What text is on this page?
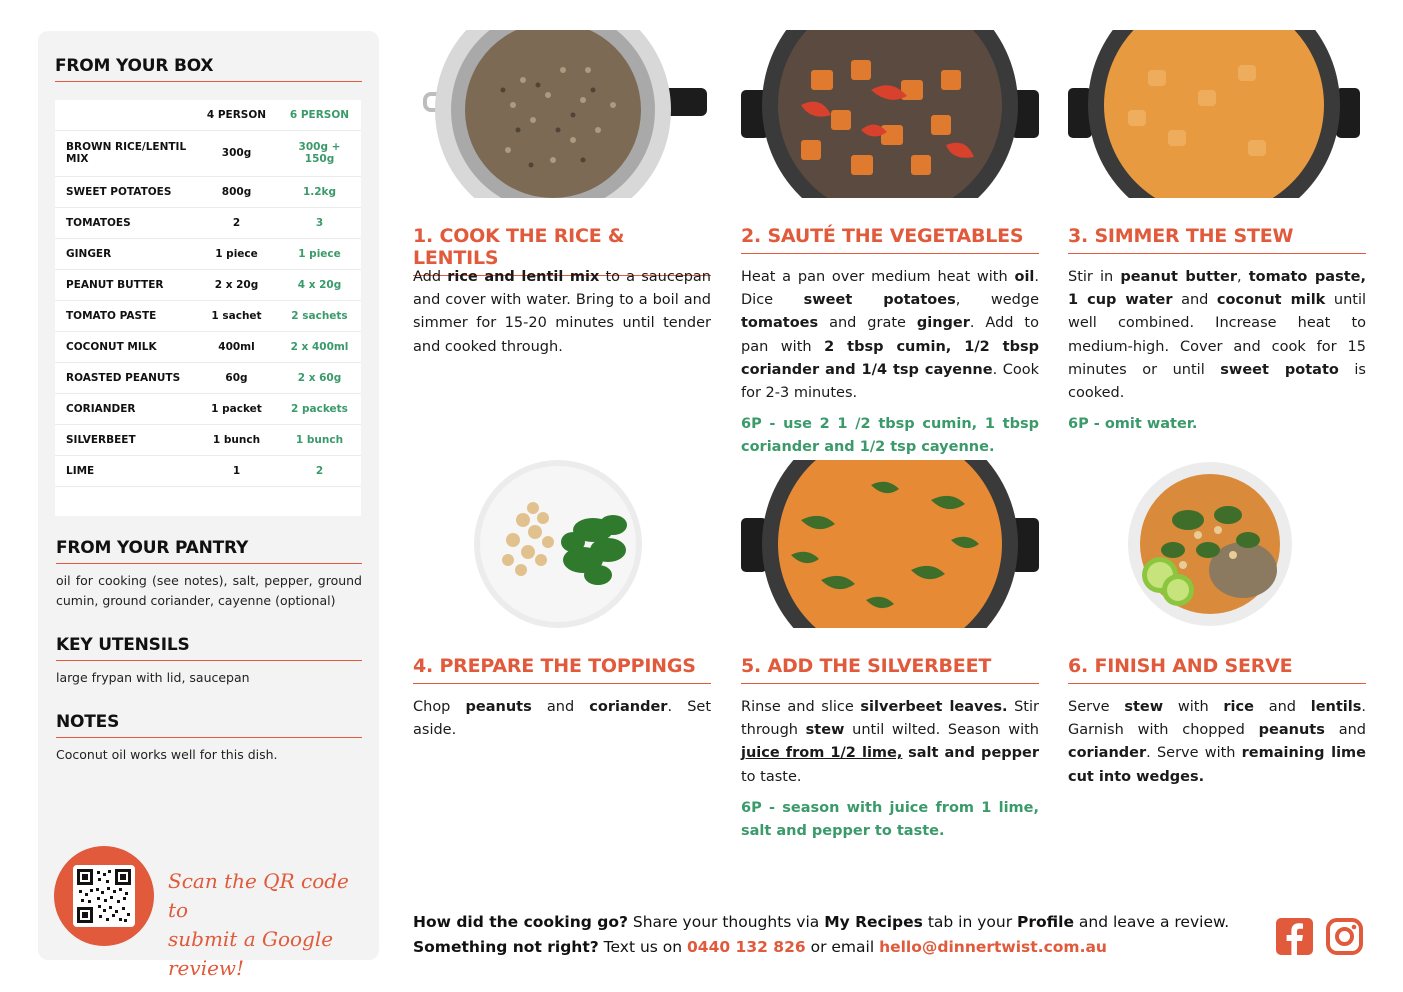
FROM YOUR BOX
	4 PERSON	6 PERSON
BROWN RICE/LENTIL MIX	300g	300g + 150g
SWEET POTATOES	800g	1.2kg
TOMATOES	2	3
GINGER	1 piece	1 piece
PEANUT BUTTER	2 x 20g	4 x 20g
TOMATO PASTE	1 sachet	2 sachets
COCONUT MILK	400ml	2 x 400ml
ROASTED PEANUTS	60g	2 x 60g
CORIANDER	1 packet	2 packets
SILVERBEET	1 bunch	1 bunch
LIME	1	2

FROM YOUR PANTRY
oil for cooking (see notes), salt, pepper, ground cumin, ground coriander, cayenne (optional)
KEY UTENSILS
large frypan with lid, saucepan
NOTES
Coconut oil works well for this dish.
Scan the QR code to
submit a Google review!
1. COOK THE RICE & LENTILS
Add rice and lentil mix to a saucepan and cover with water. Bring to a boil and simmer for 15-20 minutes until tender and cooked through.
2. SAUTÉ THE VEGETABLES
Heat a pan over medium heat with oil. Dice sweet potatoes, wedge tomatoes and grate ginger. Add to pan with 2 tbsp cumin, 1/2 tbsp coriander and 1/4 tsp cayenne. Cook for 2-3 minutes.
6P - use 2 1 /2 tbsp cumin, 1 tbsp coriander and 1/2 tsp cayenne.
3. SIMMER THE STEW
Stir in peanut butter, tomato paste, 1 cup water and coconut milk until well combined. Increase heat to medium-high. Cover and cook for 15 minutes or until sweet potato is cooked.
6P - omit water.
4. PREPARE THE TOPPINGS
Chop peanuts and coriander. Set aside.
5. ADD THE SILVERBEET
Rinse and slice silverbeet leaves. Stir through stew until wilted. Season with juice from 1/2 lime, salt and pepper to taste.
6P - season with juice from 1 lime, salt and pepper to taste.
6. FINISH AND SERVE
Serve stew with rice and lentils. Garnish with chopped peanuts and coriander. Serve with remaining lime cut into wedges.
How did the cooking go? Share your thoughts via My Recipes tab in your Profile and leave a review.
Something not right? Text us on 0440 132 826 or email hello@dinnertwist.com.au
